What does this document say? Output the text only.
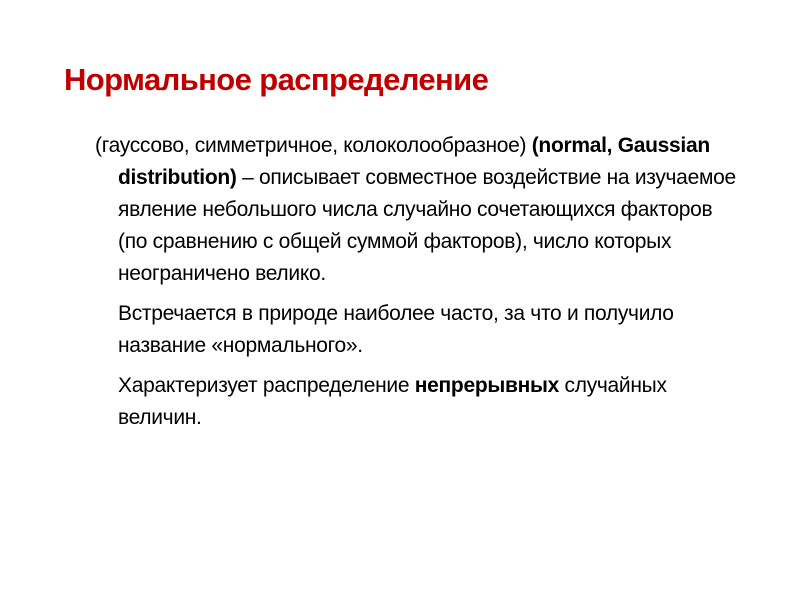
Нормальное распределение

(гауссово, симметричное, колоколообразное) (normal, Gaussian distribution) – описывает совместное воздействие на изучаемое явление небольшого числа случайно сочетающихся факторов (по сравнению с общей суммой факторов), число которых неограничено велико.

Встречается в природе наиболее часто, за что и получило название «нормального».

Характеризует распределение непрерывных случайных величин.
